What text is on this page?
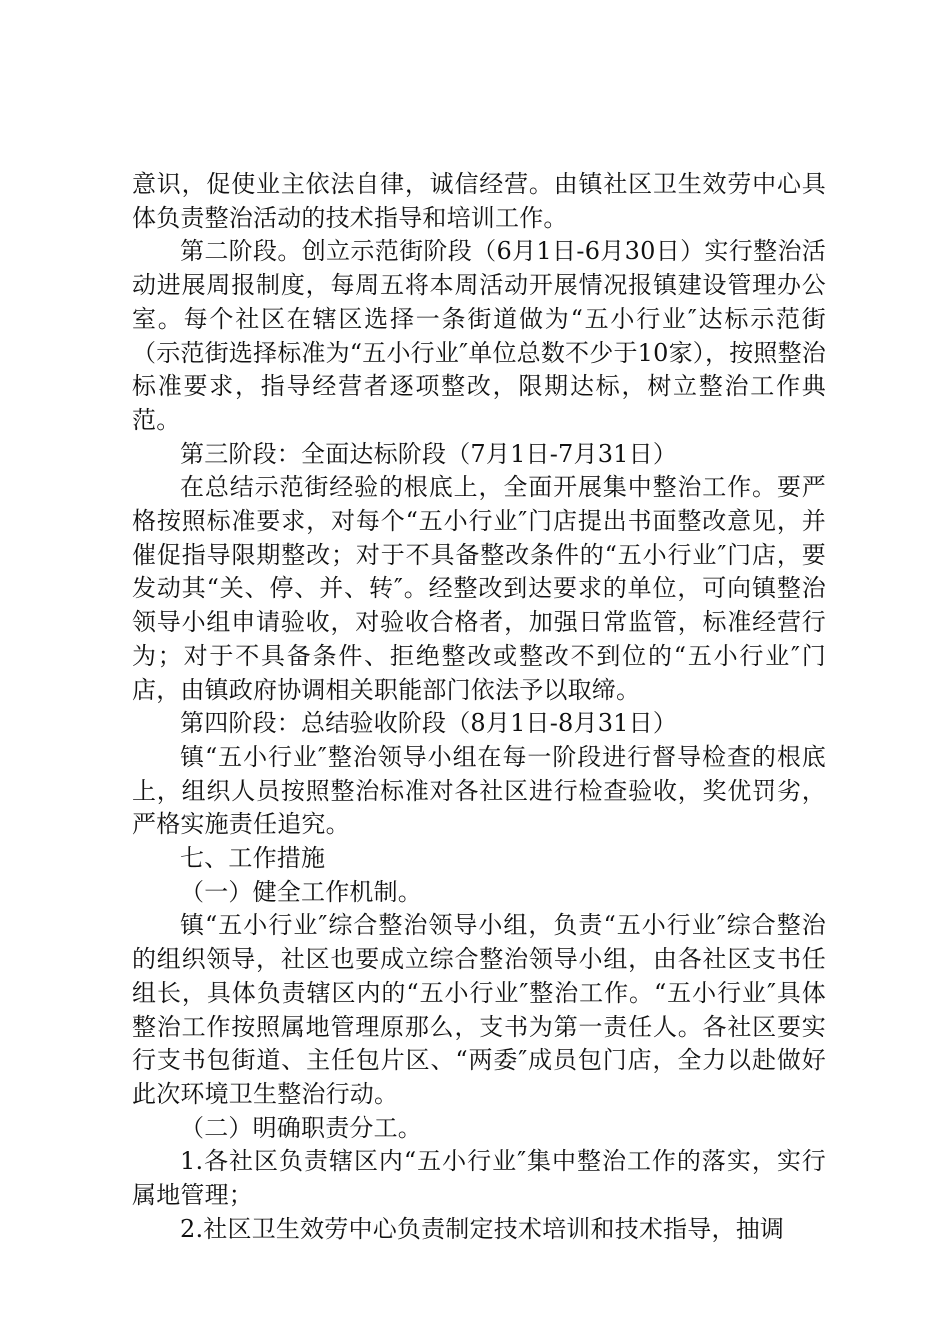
意识，促使业主依法自律，诚信经营。由镇社区卫生效劳中心具体负责整治活动的技术指导和培训工作。

第二阶段。创立示范街阶段（6月1日-6月30日）实行整治活动进展周报制度，每周五将本周活动开展情况报镇建设管理办公室。每个社区在辖区选择一条街道做为“五小行业″达标示范街（示范街选择标准为“五小行业″单位总数不少于10家），按照整治标准要求，指导经营者逐项整改，限期达标，树立整治工作典范。

第三阶段：全面达标阶段（7月1日-7月31日）

在总结示范街经验的根底上，全面开展集中整治工作。要严格按照标准要求，对每个“五小行业″门店提出书面整改意见，并催促指导限期整改；对于不具备整改条件的“五小行业″门店，要发动其“关、停、并、转″。经整改到达要求的单位，可向镇整治领导小组申请验收，对验收合格者，加强日常监管，标准经营行为；对于不具备条件、拒绝整改或整改不到位的“五小行业″门店，由镇政府协调相关职能部门依法予以取缔。

第四阶段：总结验收阶段（8月1日-8月31日）

镇“五小行业″整治领导小组在每一阶段进行督导检查的根底上，组织人员按照整治标准对各社区进行检查验收，奖优罚劣，严格实施责任追究。

七、工作措施

（一）健全工作机制。

镇“五小行业″综合整治领导小组，负责“五小行业″综合整治的组织领导，社区也要成立综合整治领导小组，由各社区支书任组长，具体负责辖区内的“五小行业″整治工作。“五小行业″具体整治工作按照属地管理原那么，支书为第一责任人。各社区要实行支书包街道、主任包片区、“两委″成员包门店，全力以赴做好此次环境卫生整治行动。

（二）明确职责分工。

1.各社区负责辖区内“五小行业″集中整治工作的落实，实行属地管理；

2.社区卫生效劳中心负责制定技术培训和技术指导，抽调
